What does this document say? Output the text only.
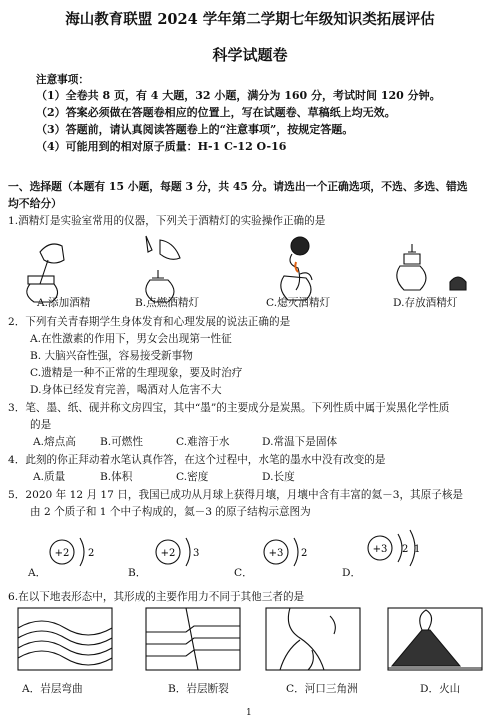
海山教育联盟 2024 学年第二学期七年级知识类拓展评估
科学试题卷
注意事项：
（1）全卷共 8 页，有 4 大题，32 小题，满分为 160 分，考试时间 120 分钟。
（2）答案必须做在答题卷相应的位置上，写在试题卷、草稿纸上均无效。
（3）答题前，请认真阅读答题卷上的“注意事项”，按规定答题。
（4）可能用到的相对原子质量：H-1 C-12 O-16
一、选择题（本题有 15 小题，每题 3 分，共 45 分。请选出一个正确选项，不选、多选、错选
均不给分）
1.酒精灯是实验室常用的仪器，下列关于酒精灯的实验操作正确的是
A.添加酒精	B.点燃酒精灯	C.熄灭酒精灯	D.存放酒精灯
2．下列有关青春期学生身体发育和心理发展的说法正确的是
A.在性激素的作用下，男女会出现第一性征
B. 大脑兴奋性强，容易接受新事物
C.遗精是一种不正常的生理现象，要及时治疗
D.身体已经发育完善，喝酒对人危害不大
3．笔、墨、纸、砚并称文房四宝，其中“墨”的主要成分是炭黑。下列性质中属于炭黑化学性质
的是
A.熔点高 B.可燃性	C.难溶于水	D.常温下是固体
4．此刻的你正拜动着水笔认真作答，在这个过程中，水笔的墨水中没有改变的是
A.质量	B.体积	C.密度	D.长度
5．2020 年 12 月 17 日，我国已成功从月球上获得月壤，月壤中含有丰富的氦－3，其原子核是
由 2 个质子和 1 个中子构成的，氦－3 的原子结构示意图为
A．	B．	C．	D．
+2 2	+2 3	+3 2	+3 2 1
6.在以下地表形态中，其形成的主要作用力不同于其他三者的是
A．岩层弯曲	B．岩层断裂	C．河口三角洲	D．火山
1
